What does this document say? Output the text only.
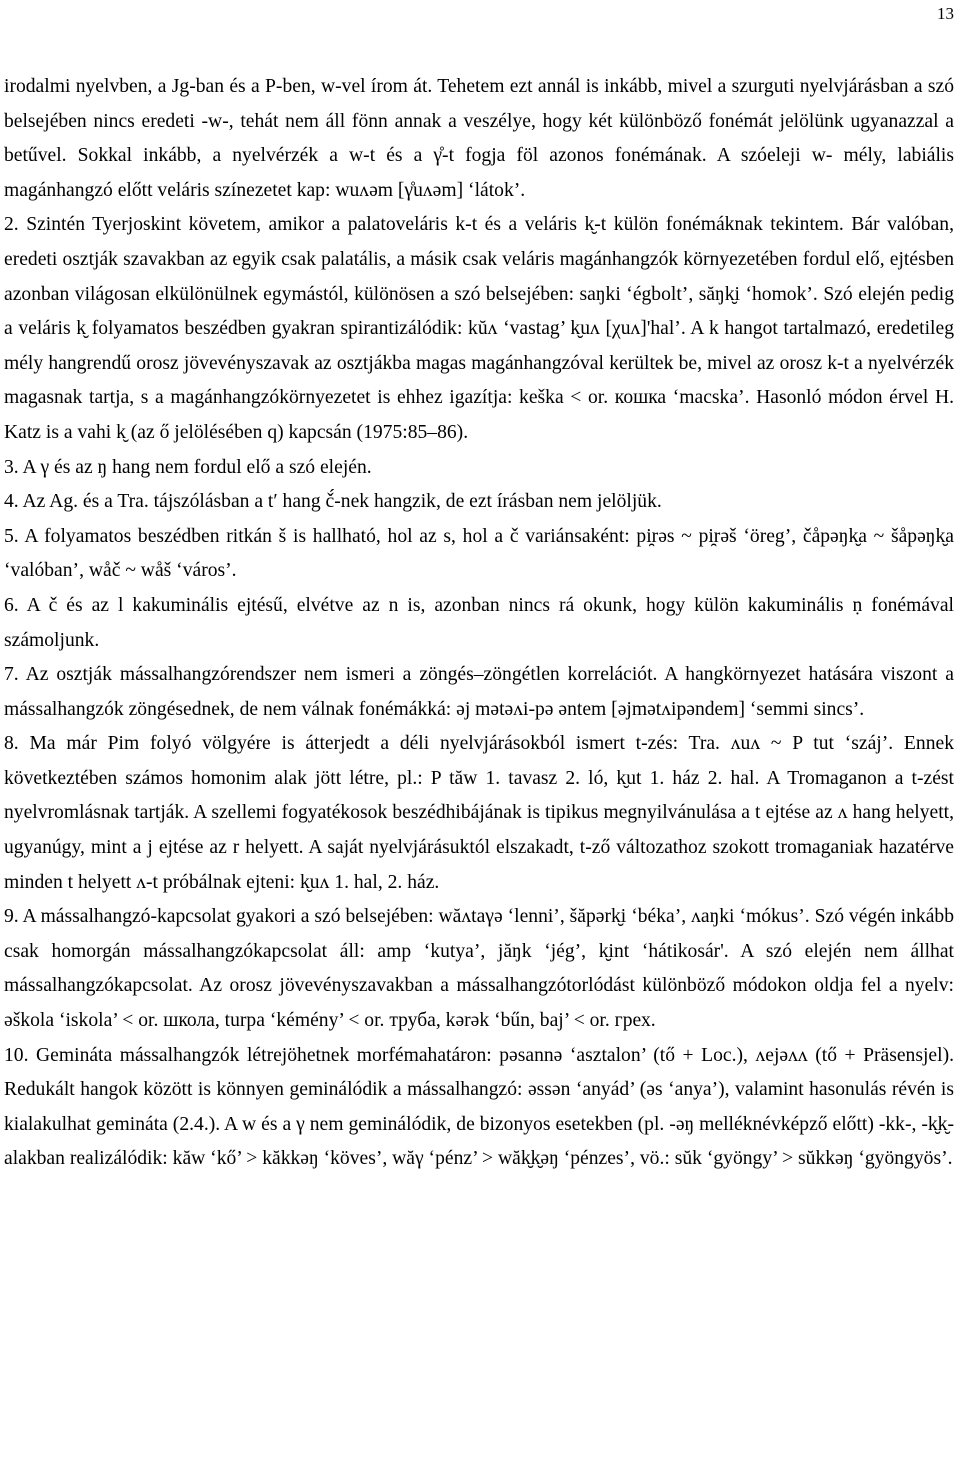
13

irodalmi nyelvben, a Jg-ban és a P-ben, w-vel írom át. Tehetem ezt annál is inkább, mivel a szurguti nyelvjárásban a szó belsejében nincs eredeti -w-, tehát nem áll fönn annak a veszélye, hogy két különböző fonémát jelölünk ugyanazzal a betűvel. Sokkal inkább, a nyelvérzék a w-t és a γ̊-t fogja föl azonos fonémának. A szóeleji w- mély, labiális magánhangzó előtt veláris színezetet kap: wuʌəm [γ̊uʌəm] ‘látok’.

2. Szintén Tyerjoskint követem, amikor a palatoveláris k-t és a veláris k̮-t külön fonémáknak tekintem. Bár valóban, eredeti osztják szavakban az egyik csak palatális, a másik csak veláris magánhangzók környezetében fordul elő, ejtésben azonban világosan elkülönülnek egymástól, különösen a szó belsejében: saŋki ‘égbolt’, săŋk̮i ‘homok’. Szó elején pedig a veláris k̮ folyamatos beszédben gyakran spirantizálódik: kŭʌ ‘vastag’ k̮uʌ [χuʌ]'hal’. A k hangot tartalmazó, eredetileg mély hangrendű orosz jövevényszavak az osztjákba magas magánhangzóval kerültek be, mivel az orosz k-t a nyelvérzék magasnak tartja, s a magánhangzókörnyezetet is ehhez igazítja: keška < or. кошка ‘macska’. Hasonló módon érvel H. Katz is a vahi k̮ (az ő jelölésében q) kapcsán (1975:85–86).

3. A γ és az ŋ hang nem fordul elő a szó elején.

4. Az Ag. és a Tra. tájszólásban a t′ hang č́-nek hangzik, de ezt írásban nem jelöljük.

5. A folyamatos beszédben ritkán š is hallható, hol az s, hol a č variánsaként: pi̯rəs ~ pi̯rəš ‘öreg’, čåpəŋk̮a ~ šåpəŋk̮a ‘valóban’, wåč ~ wåš ‘város’.

6. A č és az l kakuminális ejtésű, elvétve az n is, azonban nincs rá okunk, hogy külön kakuminális ṇ fonémával számoljunk.

7. Az osztják mássalhangzórendszer nem ismeri a zöngés–zöngétlen korrelációt. A hangkörnyezet hatására viszont a mássalhangzók zöngésednek, de nem válnak fonémákká: əj mətəʌi-pə əntem [əjmətʌipəndem] ‘semmi sincs’.

8. Ma már Pim folyó völgyére is átterjedt a déli nyelvjárásokból ismert t-zés: Tra. ʌuʌ ~ P tut ‘száj’. Ennek következtében számos homonim alak jött létre, pl.: P tăw 1. tavasz 2. ló, k̮ut 1. ház 2. hal. A Tromaganon a t-zést nyelvromlásnak tartják. A szellemi fogyatékosok beszédhibájának is tipikus megnyilvánulása a t ejtése az ʌ hang helyett, ugyanúgy, mint a j ejtése az r helyett. A saját nyelvjárásuktól elszakadt, t-ző változathoz szokott tromaganiak hazatérve minden t helyett ʌ-t próbálnak ejteni: k̮uʌ 1. hal, 2. ház.

9. A mássalhangzó-kapcsolat gyakori a szó belsejében: wăʌtaγə ‘lenni’, šăpərk̮i ‘béka’, ʌaŋki ‘mókus’. Szó végén inkább csak homorgán mássalhangzókapcsolat áll: amp ‘kutya’, jăŋk ‘jég’, k̮int ‘hátikosár'. A szó elején nem állhat mássalhangzókapcsolat. Az orosz jövevényszavakban a mássalhangzótorlódást különböző módokon oldja fel a nyelv: əškola ‘iskola’ < or. школа, turpa ‘kémény’ < or. труба, kərək ‘bűn, baj’ < or. грех.

10. Gemináta mássalhangzók létrejöhetnek morfémahatáron: pəsannə ‘asztalon’ (tő + Loc.), ʌejəʌʌ (tő + Präsensjel). Redukált hangok között is könnyen geminálódik a mássalhangzó: əssən ‘anyád’ (əs ‘anya’), valamint hasonulás révén is kialakulhat gemináta (2.4.). A w és a γ nem geminálódik, de bizonyos esetekben (pl. -əŋ melléknévképző előtt) -kk-, -k̮k̮- alakban realizálódik: kăw ‘kő’ > kăkkəŋ ‘köves’, wăγ ‘pénz’ > wăk̮k̮əŋ ‘pénzes’, vö.: sŭk ‘gyöngy’ > sŭkkəŋ ‘gyöngyös’.
